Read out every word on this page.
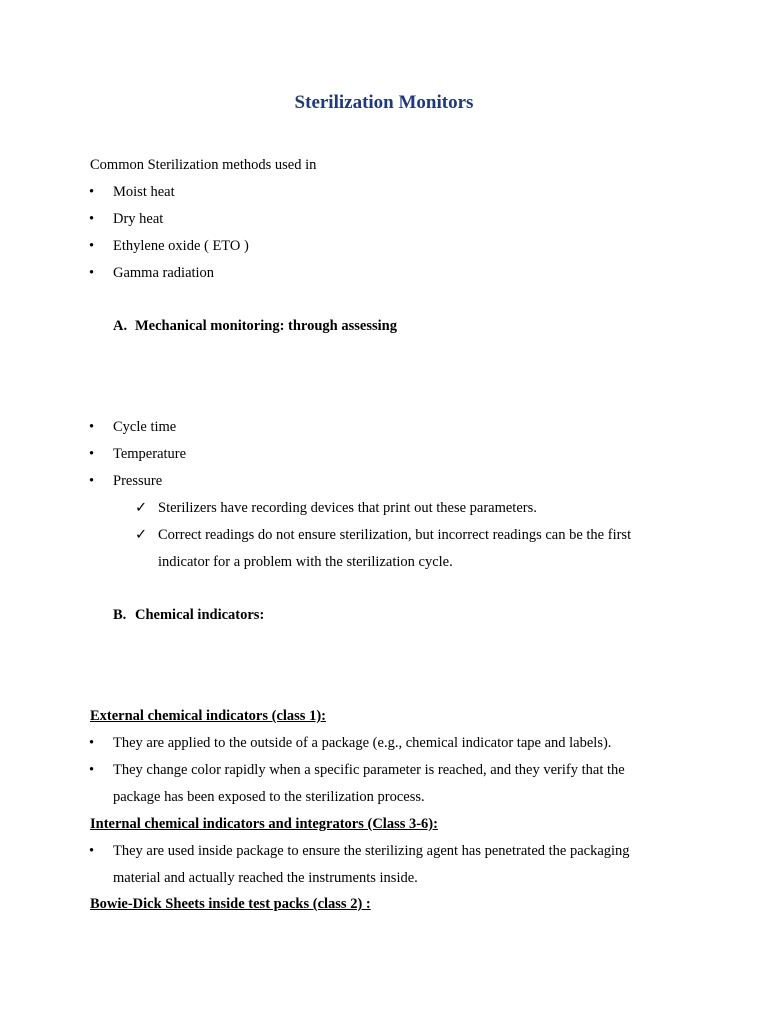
Sterilization Monitors
Common Sterilization methods used in
• Moist heat
• Dry heat
• Ethylene oxide ( ETO )
• Gamma radiation
A. Mechanical monitoring: through assessing
• Cycle time
• Temperature
• Pressure
✓ Sterilizers have recording devices that print out these parameters.
✓ Correct readings do not ensure sterilization, but incorrect readings can be the first
indicator for a problem with the sterilization cycle.
B. Chemical indicators:
External chemical indicators (class 1):
• They are applied to the outside of a package (e.g., chemical indicator tape and labels).
• They change color rapidly when a specific parameter is reached, and they verify that the
package has been exposed to the sterilization process.
Internal chemical indicators and integrators (Class 3-6):
• They are used inside package to ensure the sterilizing agent has penetrated the packaging
material and actually reached the instruments inside.
Bowie-Dick Sheets inside test packs (class 2) :
